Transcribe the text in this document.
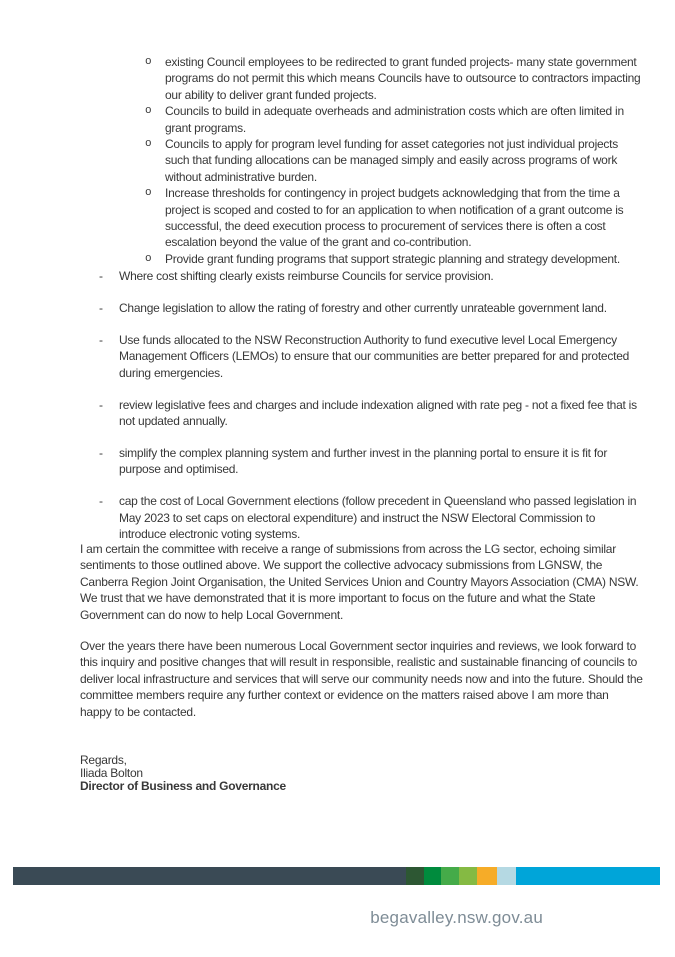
o existing Council employees to be redirected to grant funded projects- many state government programs do not permit this which means Councils have to outsource to contractors impacting our ability to deliver grant funded projects.
o Councils to build in adequate overheads and administration costs which are often limited in grant programs.
o Councils to apply for program level funding for asset categories not just individual projects such that funding allocations can be managed simply and easily across programs of work without administrative burden.
o Increase thresholds for contingency in project budgets acknowledging that from the time a project is scoped and costed to for an application to when notification of a grant outcome is successful, the deed execution process to procurement of services there is often a cost escalation beyond the value of the grant and co-contribution.
o Provide grant funding programs that support strategic planning and strategy development.
- Where cost shifting clearly exists reimburse Councils for service provision.
- Change legislation to allow the rating of forestry and other currently unrateable government land.
- Use funds allocated to the NSW Reconstruction Authority to fund executive level Local Emergency Management Officers (LEMOs) to ensure that our communities are better prepared for and protected during emergencies.
- review legislative fees and charges and include indexation aligned with rate peg - not a fixed fee that is not updated annually.
- simplify the complex planning system and further invest in the planning portal to ensure it is fit for purpose and optimised.
- cap the cost of Local Government elections (follow precedent in Queensland who passed legislation in May 2023 to set caps on electoral expenditure) and instruct the NSW Electoral Commission to introduce electronic voting systems.

I am certain the committee with receive a range of submissions from across the LG sector, echoing similar sentiments to those outlined above. We support the collective advocacy submissions from LGNSW, the Canberra Region Joint Organisation, the United Services Union and Country Mayors Association (CMA) NSW. We trust that we have demonstrated that it is more important to focus on the future and what the State Government can do now to help Local Government.

Over the years there have been numerous Local Government sector inquiries and reviews, we look forward to this inquiry and positive changes that will result in responsible, realistic and sustainable financing of councils to deliver local infrastructure and services that will serve our community needs now and into the future. Should the committee members require any further context or evidence on the matters raised above I am more than happy to be contacted.

Regards,

Iliada Bolton

Director of Business and Governance

begavalley.nsw.gov.au
